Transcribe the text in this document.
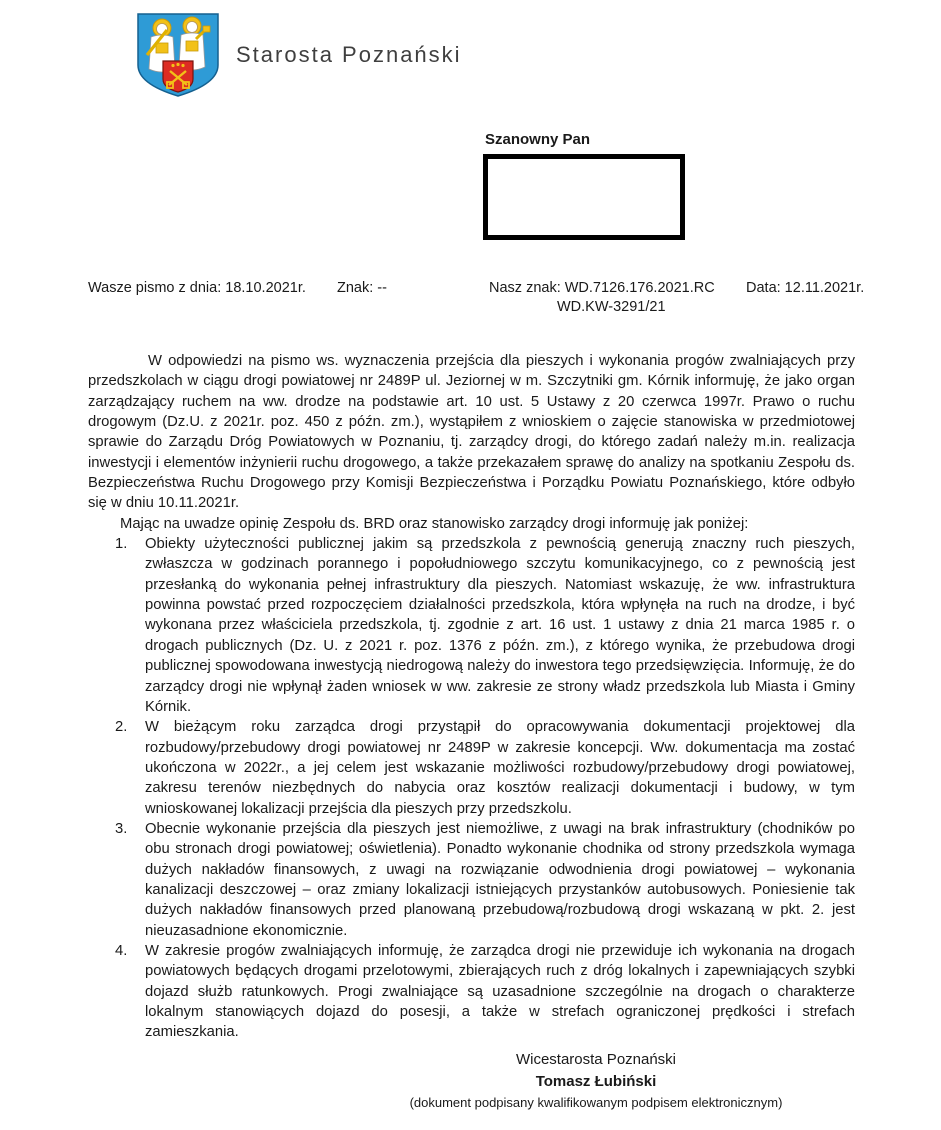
Starosta Poznański
Szanowny Pan
Wasze pismo z dnia: 18.10.2021r. Znak: --	Nasz znak: WD.7126.176.2021.RC
WD.KW-3291/21
Data: 12.11.2021r.

W odpowiedzi na pismo ws. wyznaczenia przejścia dla pieszych i wykonania progów zwalniających przy przedszkolach w ciągu drogi powiatowej nr 2489P ul. Jeziornej w m. Szczytniki gm. Kórnik informuję, że jako organ zarządzający ruchem na ww. drodze na podstawie art. 10 ust. 5 Ustawy z 20 czerwca 1997r. Prawo o ruchu drogowym (Dz.U. z 2021r. poz. 450 z późn. zm.), wystąpiłem z wnioskiem o zajęcie stanowiska w przedmiotowej sprawie do Zarządu Dróg Powiatowych w Poznaniu, tj. zarządcy drogi, do którego zadań należy m.in. realizacja inwestycji i elementów inżynierii ruchu drogowego, a także przekazałem sprawę do analizy na spotkaniu Zespołu ds. Bezpieczeństwa Ruchu Drogowego przy Komisji Bezpieczeństwa i Porządku Powiatu Poznańskiego, które odbyło się w dniu 10.11.2021r.

Mając na uwadze opinię Zespołu ds. BRD oraz stanowisko zarządcy drogi informuję jak poniżej:

1.	Obiekty użyteczności publicznej jakim są przedszkola z pewnością generują znaczny ruch pieszych, zwłaszcza w godzinach porannego i popołudniowego szczytu komunikacyjnego, co z pewnością jest przesłanką do wykonania pełnej infrastruktury dla pieszych. Natomiast wskazuję, że ww. infrastruktura powinna powstać przed rozpoczęciem działalności przedszkola, która wpłynęła na ruch na drodze, i być wykonana przez właściciela przedszkola, tj. zgodnie z art. 16 ust. 1 ustawy z dnia 21 marca 1985 r. o drogach publicznych (Dz. U. z 2021 r. poz. 1376 z późn. zm.), z którego wynika, że przebudowa drogi publicznej spowodowana inwestycją niedrogową należy do inwestora tego przedsięwzięcia. Informuję, że do zarządcy drogi nie wpłynął żaden wniosek w ww. zakresie ze strony władz przedszkola lub Miasta i Gminy Kórnik.
2.	W bieżącym roku zarządca drogi przystąpił do opracowywania dokumentacji projektowej dla rozbudowy/przebudowy drogi powiatowej nr 2489P w zakresie koncepcji. Ww. dokumentacja ma zostać ukończona w 2022r., a jej celem jest wskazanie możliwości rozbudowy/przebudowy drogi powiatowej, zakresu terenów niezbędnych do nabycia oraz kosztów realizacji dokumentacji i budowy, w tym wnioskowanej lokalizacji przejścia dla pieszych przy przedszkolu.
3.	Obecnie wykonanie przejścia dla pieszych jest niemożliwe, z uwagi na brak infrastruktury (chodników po obu stronach drogi powiatowej; oświetlenia). Ponadto wykonanie chodnika od strony przedszkola wymaga dużych nakładów finansowych, z uwagi na rozwiązanie odwodnienia drogi powiatowej – wykonania kanalizacji deszczowej – oraz zmiany lokalizacji istniejących przystanków autobusowych. Poniesienie tak dużych nakładów finansowych przed planowaną przebudową/rozbudową drogi wskazaną w pkt. 2. jest nieuzasadnione ekonomicznie.
4.	W zakresie progów zwalniających informuję, że zarządca drogi nie przewiduje ich wykonania na drogach powiatowych będących drogami przelotowymi, zbierających ruch z dróg lokalnych i zapewniających szybki dojazd służb ratunkowych. Progi zwalniające są uzasadnione szczególnie na drogach o charakterze lokalnym stanowiących dojazd do posesji, a także w strefach ograniczonej prędkości i strefach zamieszkania.
Wicestarosta Poznański
Tomasz Łubiński
(dokument podpisany kwalifikowanym podpisem elektronicznym)
